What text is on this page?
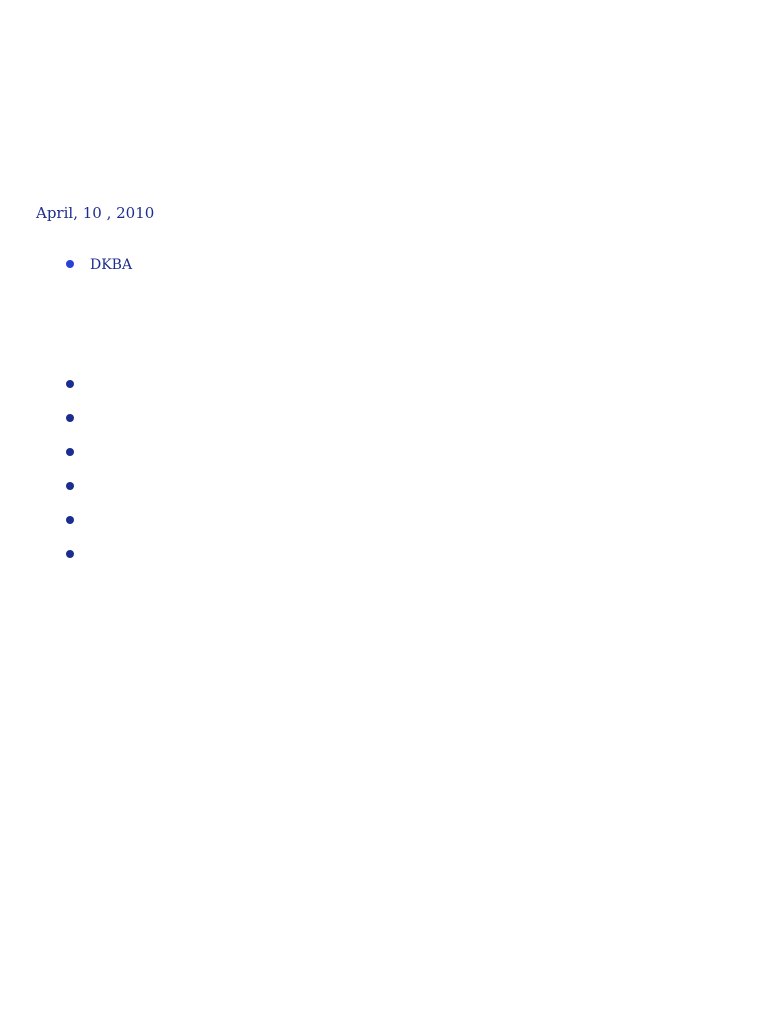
April, 10 , 2010
DKBA
